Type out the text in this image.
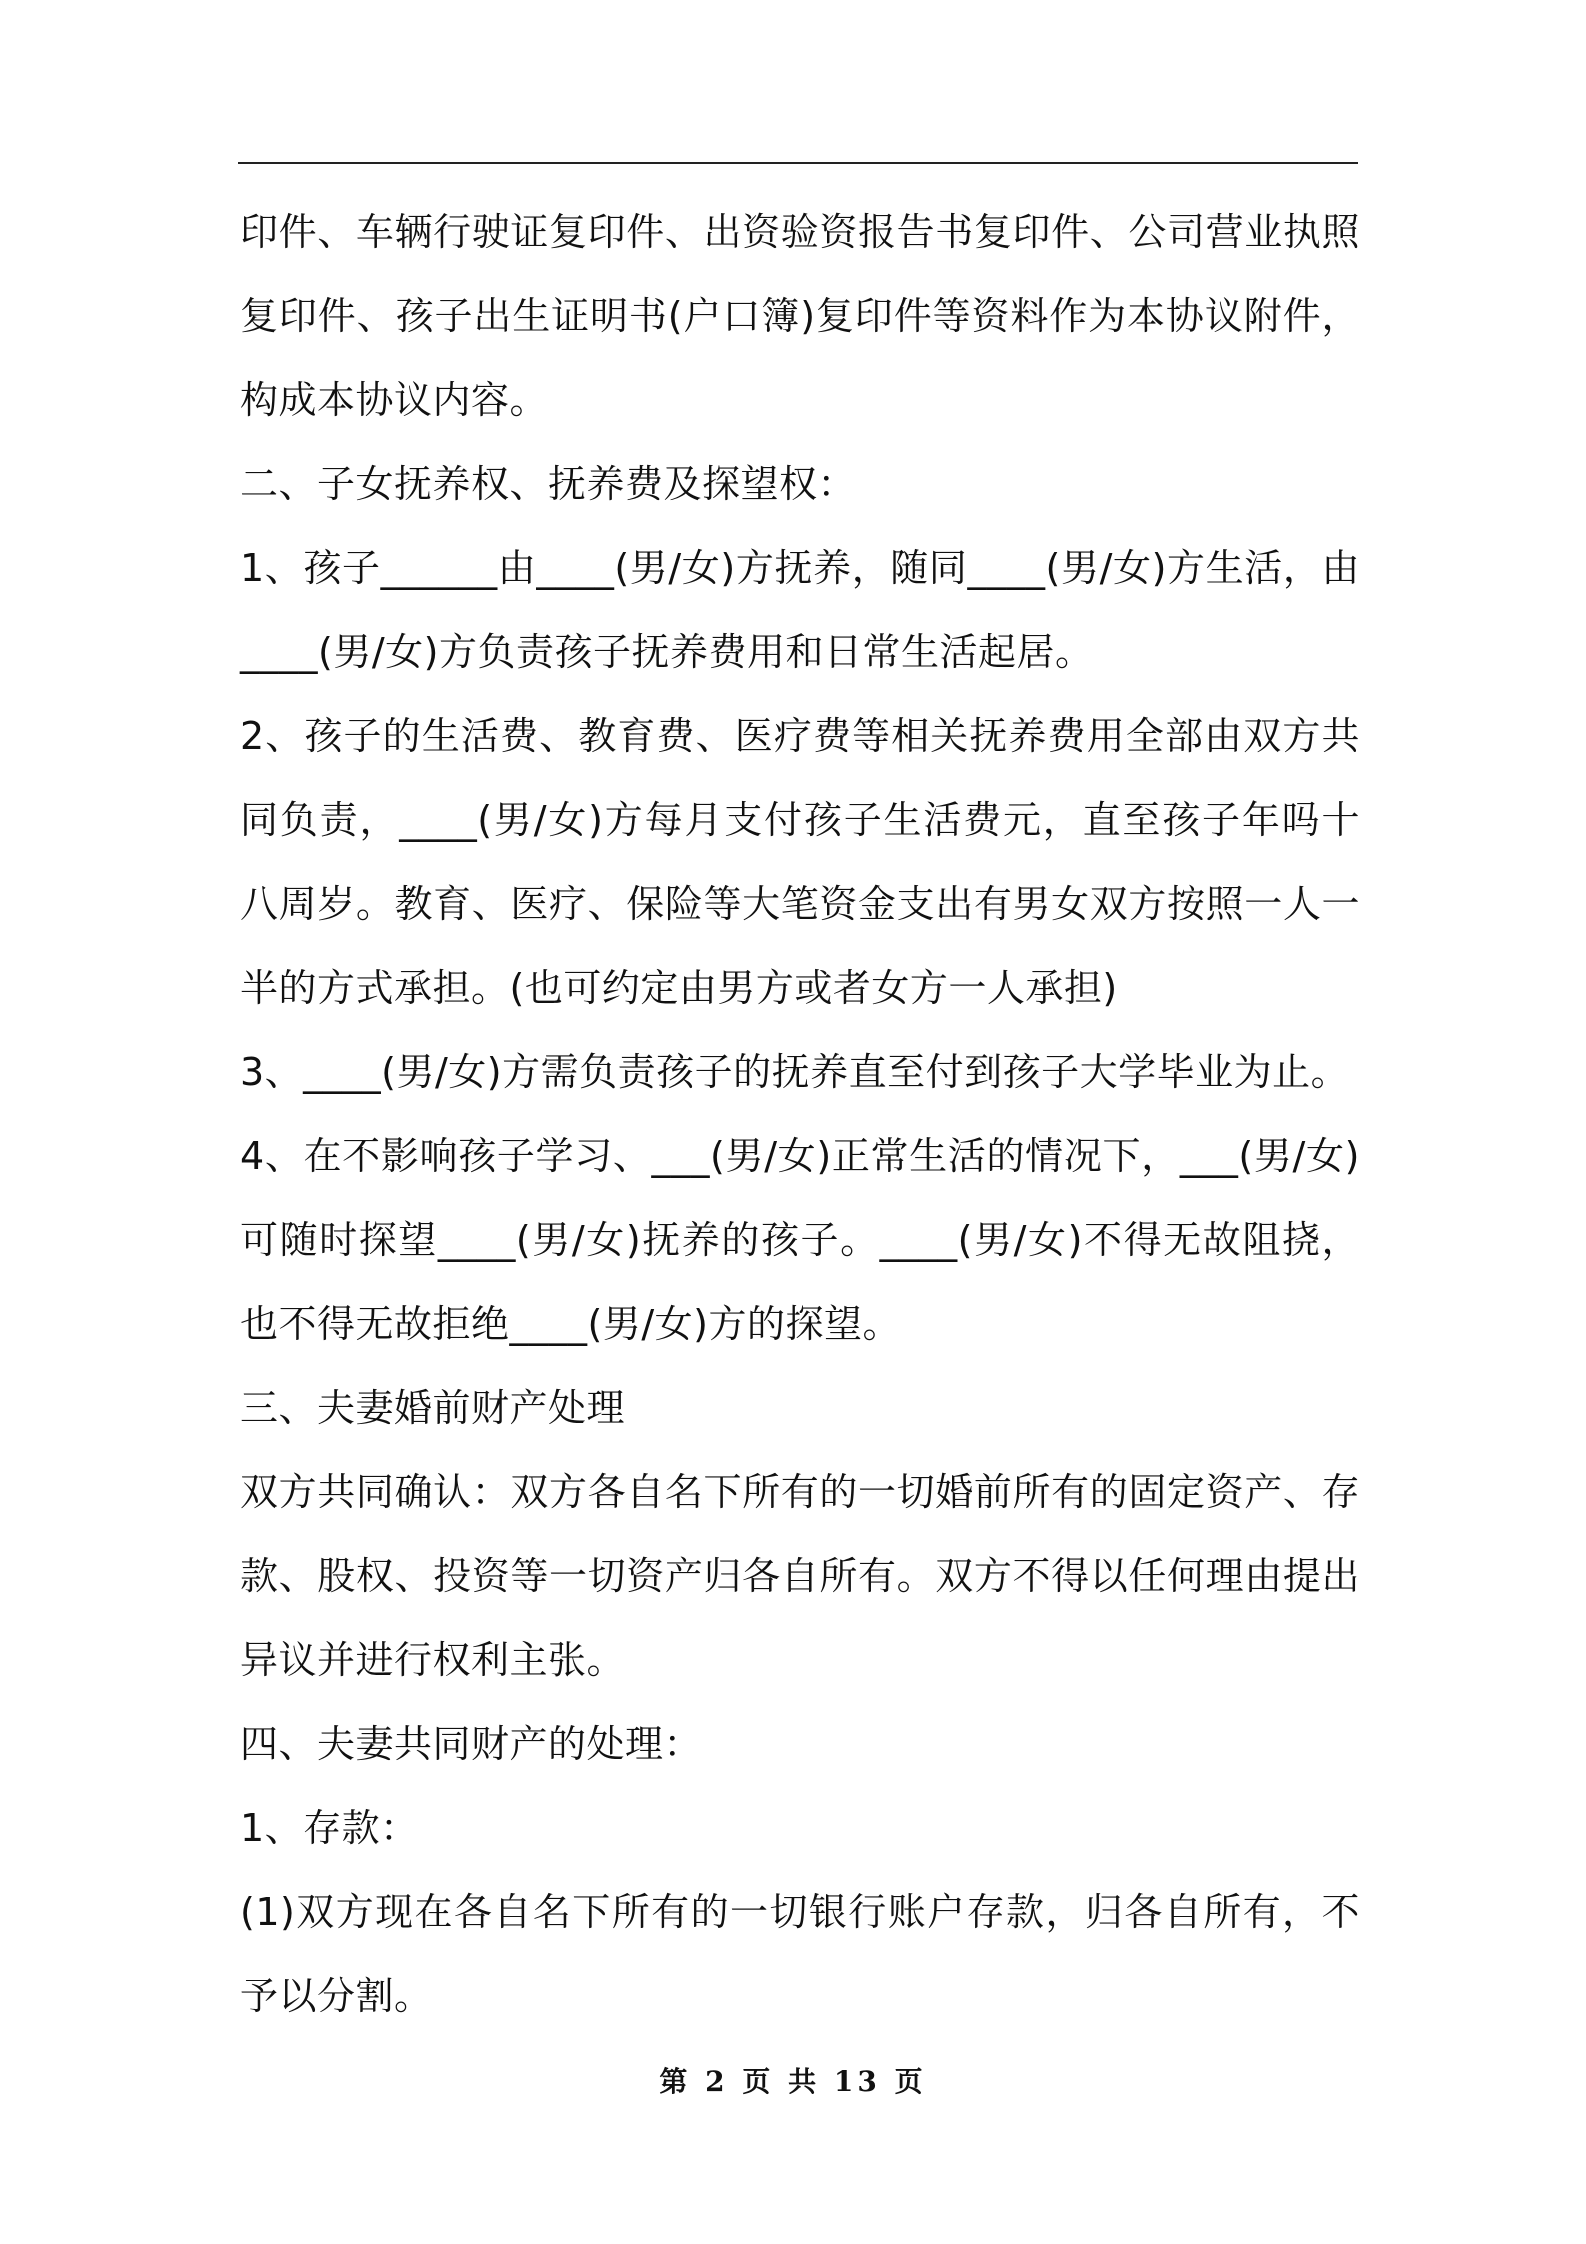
印件、车辆行驶证复印件、出资验资报告书复印件、公司营业执照复印件、孩子出生证明书(户口簿)复印件等资料作为本协议附件，构成本协议内容。

二、子女抚养权、抚养费及探望权：

1、孩子______由____(男/女)方抚养，随同____(男/女)方生活，由____(男/女)方负责孩子抚养费用和日常生活起居。

2、孩子的生活费、教育费、医疗费等相关抚养费用全部由双方共同负责，____(男/女)方每月支付孩子生活费元，直至孩子年吗十八周岁。教育、医疗、保险等大笔资金支出有男女双方按照一人一半的方式承担。(也可约定由男方或者女方一人承担)

3、____(男/女)方需负责孩子的抚养直至付到孩子大学毕业为止。

4、在不影响孩子学习、___(男/女)正常生活的情况下，___(男/女)可随时探望____(男/女)抚养的孩子。____(男/女)不得无故阻挠，也不得无故拒绝____(男/女)方的探望。

三、夫妻婚前财产处理

双方共同确认：双方各自名下所有的一切婚前所有的固定资产、存款、股权、投资等一切资产归各自所有。双方不得以任何理由提出异议并进行权利主张。

四、夫妻共同财产的处理：

1、存款：

(1)双方现在各自名下所有的一切银行账户存款，归各自所有，不予以分割。

第 2 页 共 13 页
